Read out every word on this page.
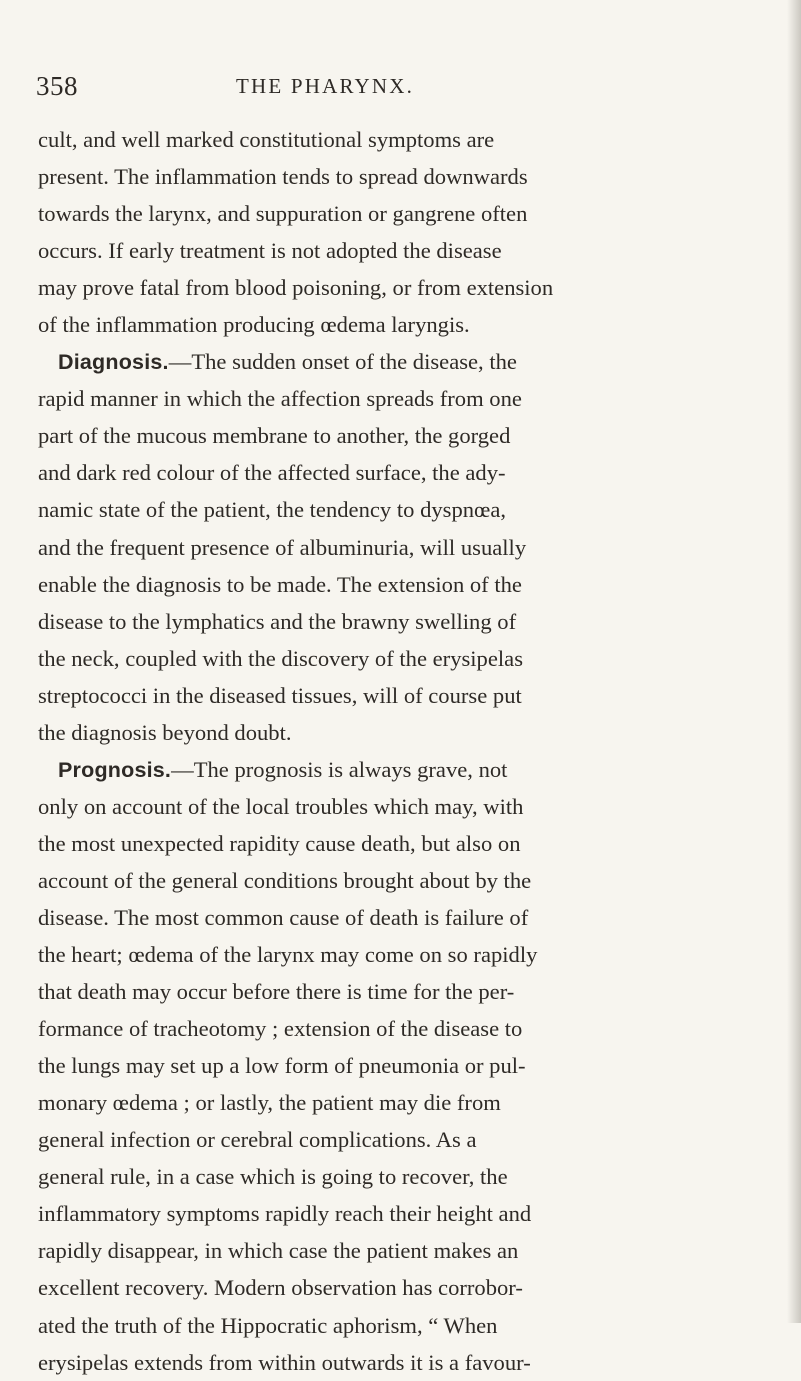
358	THE PHARYNX.
cult, and well marked constitutional symptoms are
present. The inflammation tends to spread downwards
towards the larynx, and suppuration or gangrene often
occurs. If early treatment is not adopted the disease
may prove fatal from blood poisoning, or from extension
of the inflammation producing œdema laryngis.
Diagnosis.—The sudden onset of the disease, the
rapid manner in which the affection spreads from one
part of the mucous membrane to another, the gorged
and dark red colour of the affected surface, the ady-
namic state of the patient, the tendency to dyspnœa,
and the frequent presence of albuminuria, will usually
enable the diagnosis to be made. The extension of the
disease to the lymphatics and the brawny swelling of
the neck, coupled with the discovery of the erysipelas
streptococci in the diseased tissues, will of course put
the diagnosis beyond doubt.
Prognosis.—The prognosis is always grave, not
only on account of the local troubles which may, with
the most unexpected rapidity cause death, but also on
account of the general conditions brought about by the
disease. The most common cause of death is failure of
the heart; œdema of the larynx may come on so rapidly
that death may occur before there is time for the per-
formance of tracheotomy ; extension of the disease to
the lungs may set up a low form of pneumonia or pul-
monary œdema ; or lastly, the patient may die from
general infection or cerebral complications. As a
general rule, in a case which is going to recover, the
inflammatory symptoms rapidly reach their height and
rapidly disappear, in which case the patient makes an
excellent recovery. Modern observation has corrobor-
ated the truth of the Hippocratic aphorism, “ When
erysipelas extends from within outwards it is a favour-
